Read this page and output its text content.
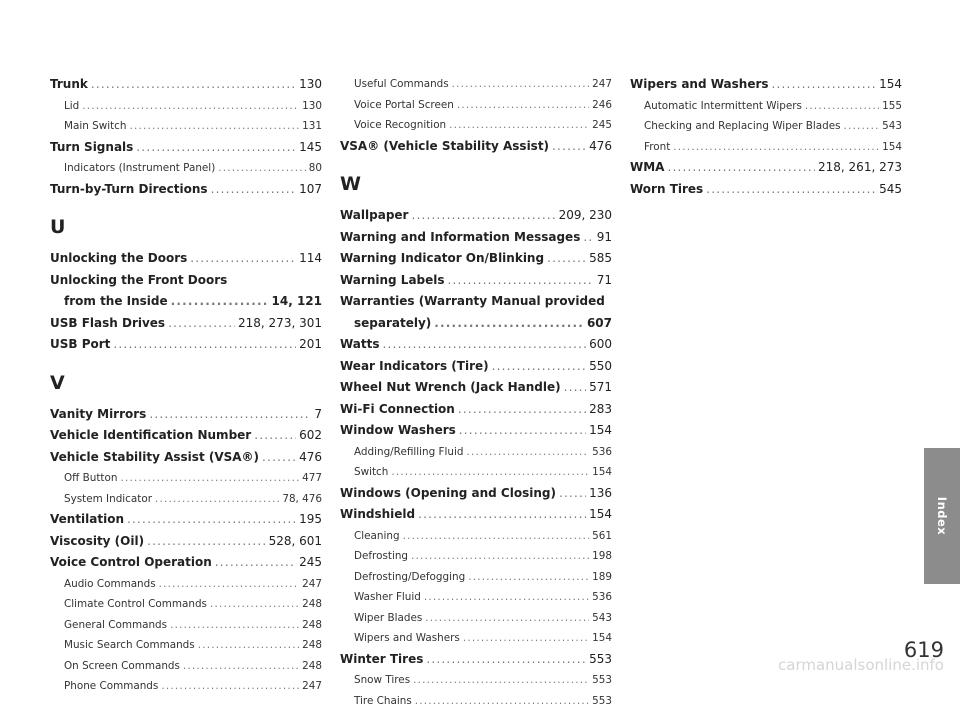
Trunk .....	130
Lid .....	130
Main Switch .....	131
Turn Signals .....	145
Indicators (Instrument Panel) .....	80
Turn-by-Turn Directions .....	107
U
Unlocking the Doors .....	114
Unlocking the Front Doors
from the Inside .....	14, 121
USB Flash Drives .....	218, 273, 301
USB Port .....	201
V
Vanity Mirrors .....	7
Vehicle Identification Number .....	602
Vehicle Stability Assist (VSA®) .....	476
Off Button .....	477
System Indicator .....	78, 476
Ventilation .....	195
Viscosity (Oil) .....	528, 601
Voice Control Operation .....	245
Audio Commands .....	247
Climate Control Commands .....	248
General Commands .....	248
Music Search Commands .....	248
On Screen Commands .....	248
Phone Commands .....	247
Useful Commands .....	247
Voice Portal Screen .....	246
Voice Recognition .....	245
VSA® (Vehicle Stability Assist) .....	476
W
Wallpaper .....	209, 230
Warning and Information Messages ..... 91
Warning Indicator On/Blinking .....	585
Warning Labels .....	71
Warranties (Warranty Manual provided
separately) .....	607
Watts .....	600
Wear Indicators (Tire) .....	550
Wheel Nut Wrench (Jack Handle) ..... 571
Wi-Fi Connection .....	283
Window Washers .....	154
Adding/Refilling Fluid .....	536
Switch .....	154
Windows (Opening and Closing) .....	136
Windshield .....	154
Cleaning .....	561
Defrosting .....	198
Defrosting/Defogging .....	189
Washer Fluid .....	536
Wiper Blades .....	543
Wipers and Washers .....	154
Winter Tires .....	553
Snow Tires .....	553
Tire Chains .....	553
Wipers and Washers .....	154
Automatic Intermittent Wipers .....	155
Checking and Replacing Wiper Blades .....	543
Front .....	154
WMA .....	218, 261, 273
Worn Tires .....	545
Index
619
carmanualsonline.info
